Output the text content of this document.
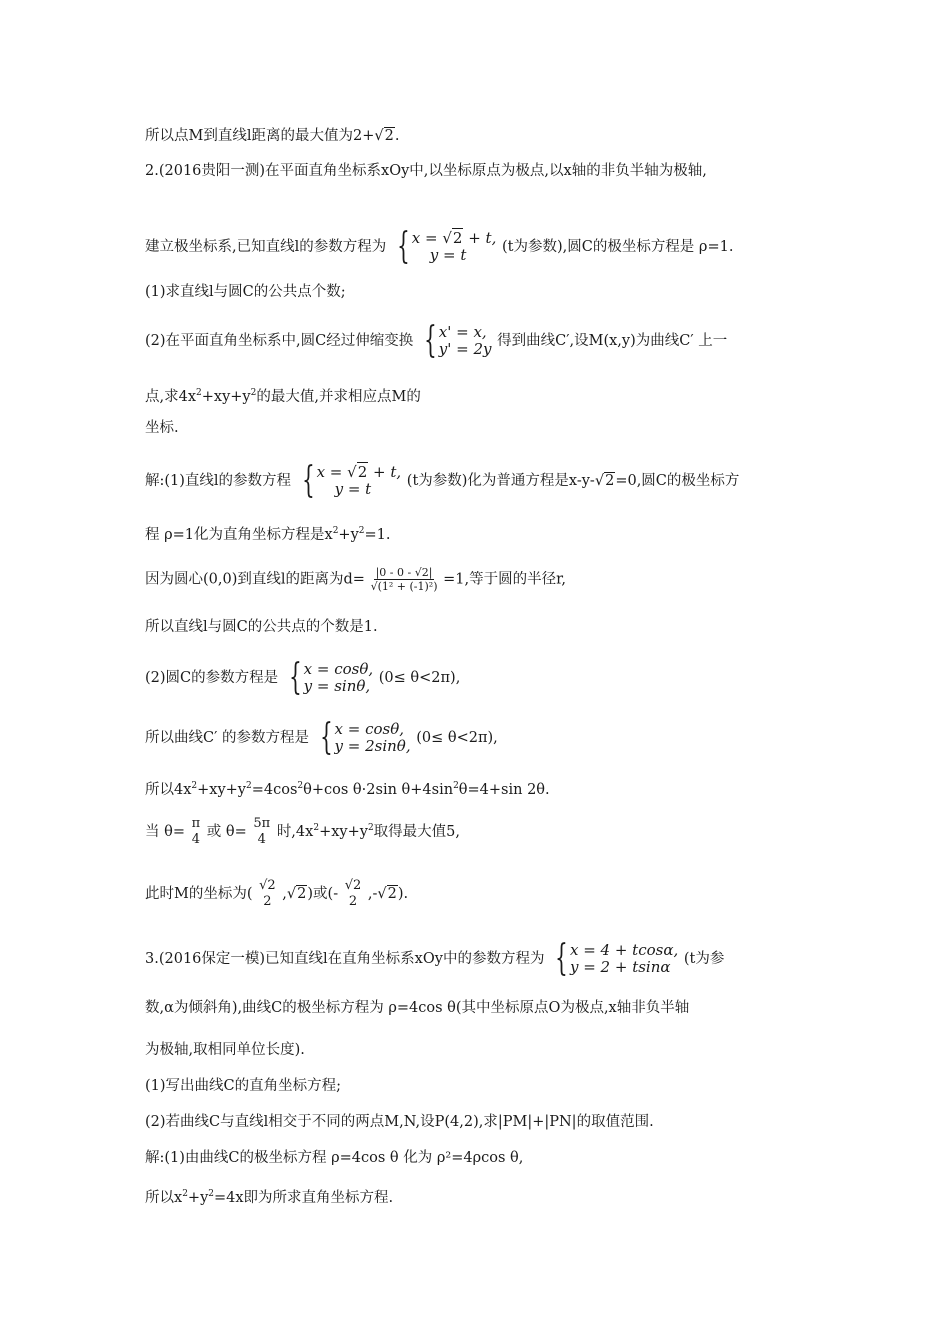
所以点M到直线l距离的最大值为2+√2.
2.(2016贵阳一测)在平面直角坐标系xOy中,以坐标原点为极点,以x轴的非负半轴为极轴,
建立极坐标系,已知直线l的参数方程为 { x = √2 + t,
y = t	(t为参数),圆C的极坐标方程是 ρ=1.
(1)求直线l与圆C的公共点个数;
(2)在平面直角坐标系中,圆C经过伸缩变换 { x' = x,
y' = 2y 得到曲线C′,设M(x,y)为曲线C′ 上一
点,求$4x^2+xy+y^2$的最大值,并求相应点M的
坐标.
解:(1)直线l的参数方程 { x = √2 + t,
y = t	(t为参数)化为普通方程是x-y-√2=0,圆C的极坐标方
程 ρ=1化为直角坐标方程是$x^2+y^2=1$.
因为圆心(0,0)到直线l的距离为$d= \frac{|0 - 0 - √2|}{\text{√(1² + (-1)²)}} =1$,等于圆的半径r,
所以直线l与圆C的公共点的个数是1.
(2)圆C的参数方程是 { x = cosθ,
y = sinθ, (0≤ θ<2π),
所以曲线C′ 的参数方程是 { x = cosθ,
y = 2sinθ, (0≤ θ<2π),
所以$4x^2+xy+y^2=4\cos^2\theta+\cos$ θ·2sin $\theta+4\sin^2\theta=4+\sin$ 2θ.
当 θ=
π
4 或 θ=
5π
4 时$,4x^2+xy+y^2$取得最大值5,
此时M的坐标为(
√2
2 ,√2)或(-
√2
2 ,-√2).
3.(2016保定一模)已知直线l在直角坐标系xOy中的参数方程为 { x = 4 + tcosα,
y = 2 + tsinα (t为参
数,α为倾斜角),曲线C的极坐标方程为 ρ=4cos θ(其中坐标原点O为极点,x轴非负半轴
为极轴,取相同单位长度).
(1)写出曲线C的直角坐标方程;
(2)若曲线C与直线l相交于不同的两点M,N,设P(4,2),求|PM|+|PN|的取值范围.
解:(1)由曲线C的极坐标方程 ρ=4cos θ 化为 ρ²=4ρcos θ,
所以$x^2+y^2=4x$即为所求直角坐标方程.
